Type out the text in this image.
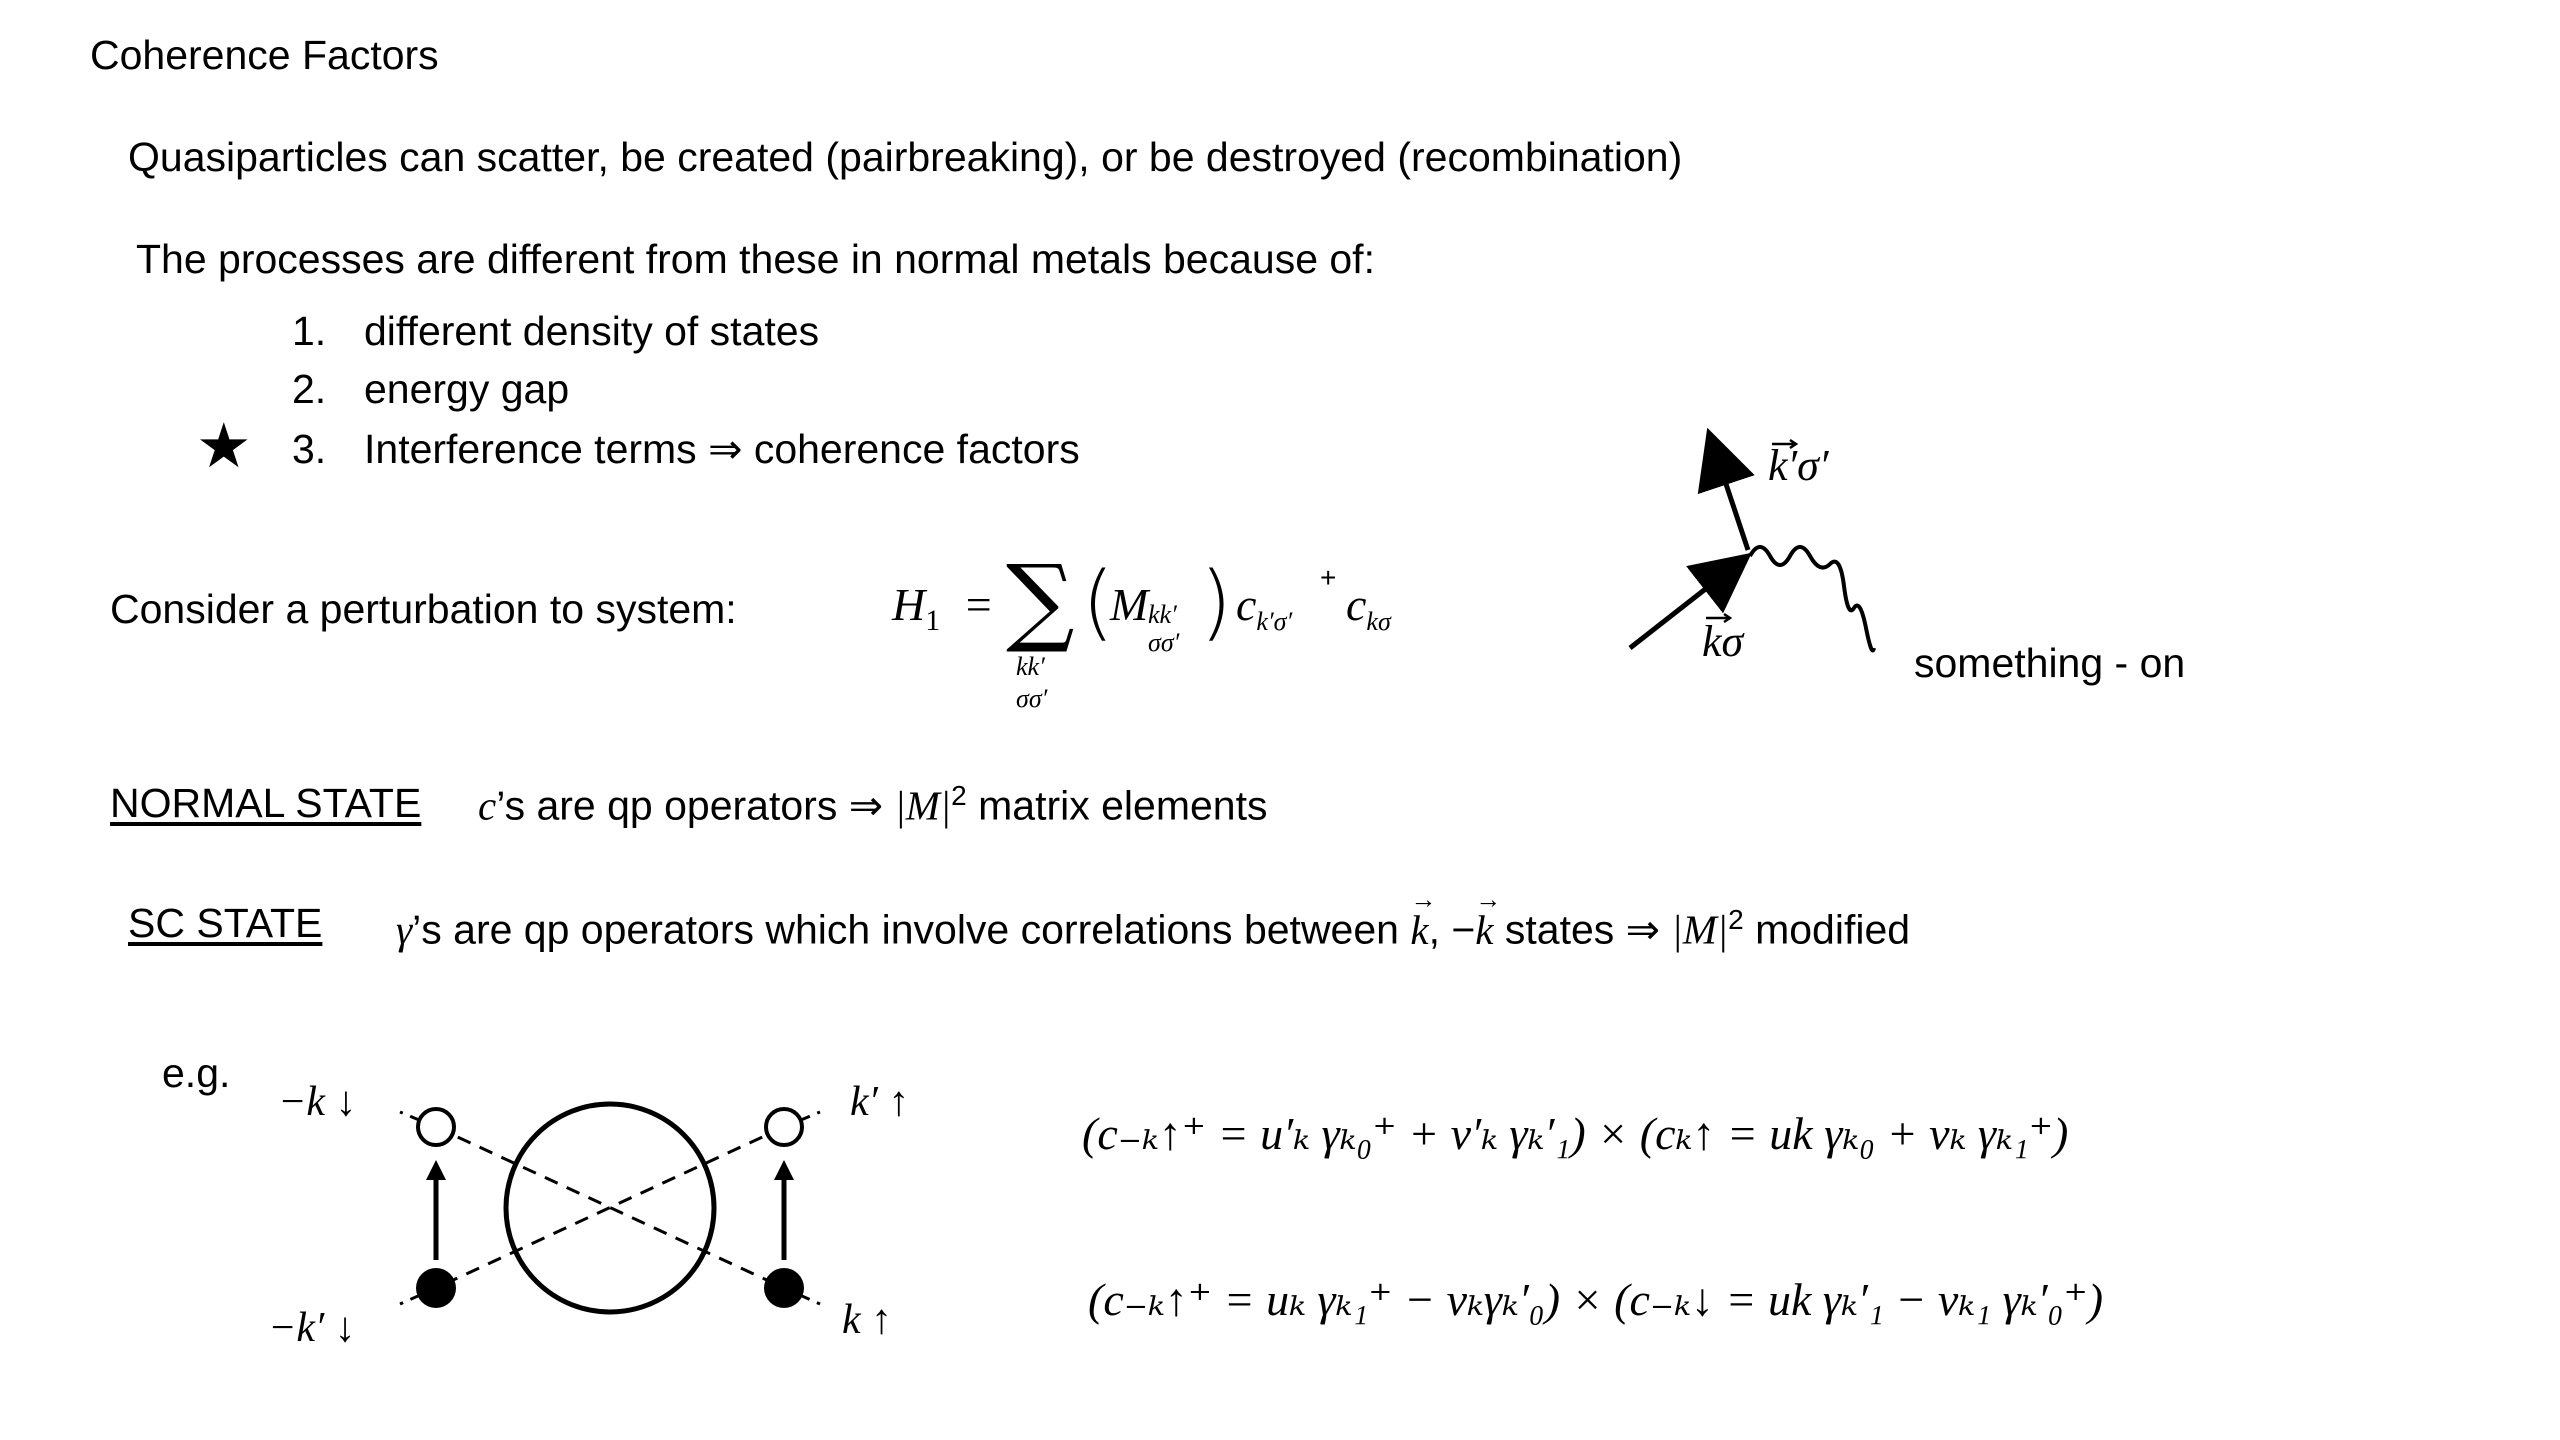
Coherence Factors
Quasiparticles can scatter, be created (pairbreaking), or be destroyed (recombination)
The processes are different from these in normal metals because of:
1. different density of states
2. energy gap
★ 3. Interference terms ⇒ coherence factors
Consider a perturbation to system:	$H_1$ = ∑
kk′
σσ′
(
M kk′
σσ′ ) $c_{k'\sigma'}$
+
$c_{k\sigma}$
k′σ′
kσ	something - on
NORMAL STATE c’s are qp operators ⇒ $|M|^2$ matrix elements
SC STATE γ’s are qp operators which involve correlations between k
→
, −k
→
states ⇒ $|M|^2$ modified
e.g.
−k ↓	k′ ↑
−k′ ↓	k ↑
(c₋ₖ↑⁺ = u′ₖ γₖ₀⁺ + v′ₖ γₖ′₁) × (cₖ↑ = uk γₖ₀ + vₖ γₖ₁⁺)
(c₋ₖ↑⁺ = uₖ γₖ₁⁺ − vₖγₖ′₀) × (c₋ₖ↓ = uk γₖ′₁ − vₖ₁ γₖ′₀⁺)
